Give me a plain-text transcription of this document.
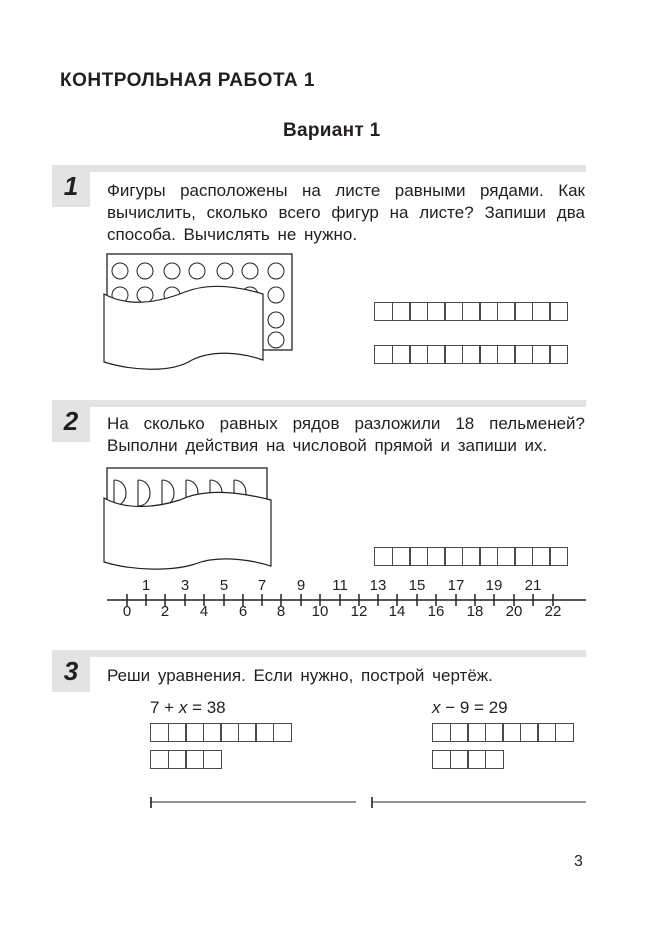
КОНТРОЛЬНАЯ РАБОТА 1
Вариант 1
1	Фигуры расположены на листе равными рядами. Как вычислить, сколько всего фигур на листе? Запиши два способа. Вычислять не нужно.
2	На сколько равных рядов разложили 18 пельменей? Выполни действия на числовой прямой и запиши их.
1 3 5 7 9 11 13 15 17 19 21
0 2 4 6 8 10 12 14 16 18 20 22
3	Реши уравнения. Если нужно, построй чертёж.
7 + x = 38	x − 9 = 29
3
